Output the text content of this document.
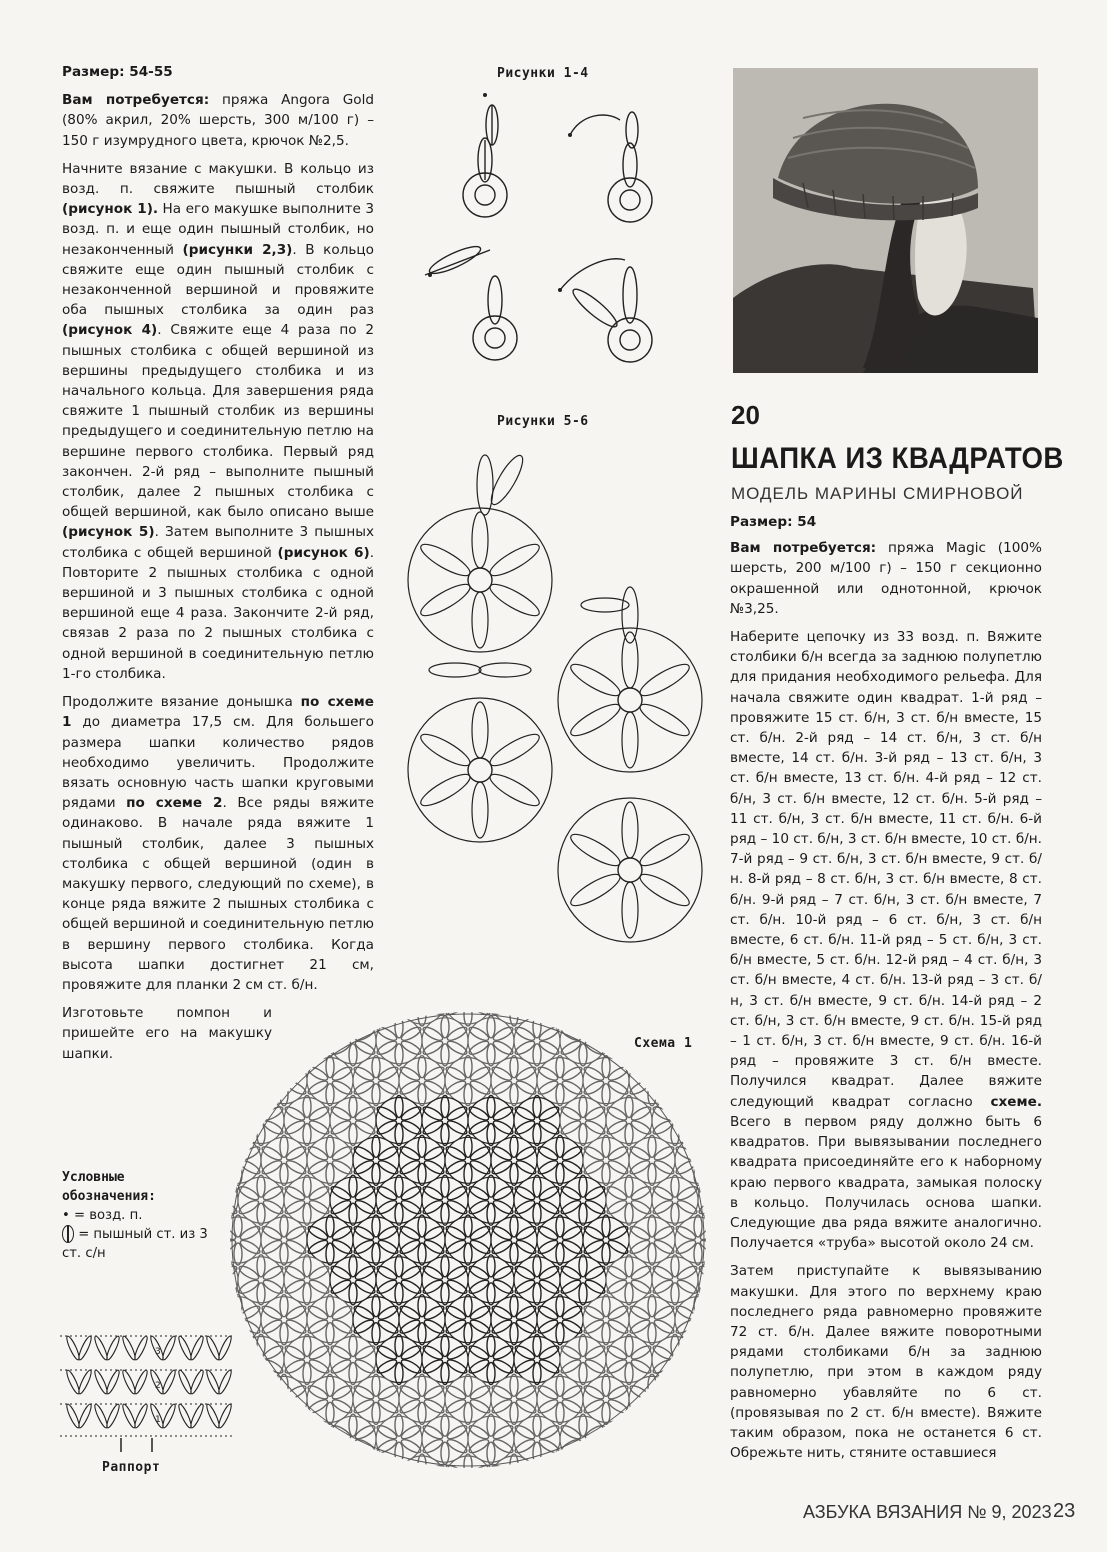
Размер: 54-55
Вам потребуется: пряжа Angora Gold (80% акрил, 20% шерсть, 300 м/100 г) – 150 г изумрудного цвета, крючок №2,5.
Начните вязание с макушки. В кольцо из возд. п. свяжите пышный столбик (рисунок 1). На его макушке выполните 3 возд. п. и еще один пышный столбик, но незаконченный (рисунки 2,3). В кольцо свяжите еще один пышный столбик с незаконченной вершиной и провяжите оба пышных столбика за один раз (рисунок 4). Свяжите еще 4 раза по 2 пышных столбика с общей вершиной из вершины предыдущего столбика и из начального кольца. Для завершения ряда свяжите 1 пышный столбик из вершины предыдущего и соединительную петлю на вершине первого столбика. Первый ряд закончен. 2-й ряд – выполните пышный столбик, далее 2 пышных столбика с общей вершиной, как было описано выше (рисунок 5). Затем выполните 3 пышных столбика с общей вершиной (рисунок 6). Повторите 2 пышных столбика с одной вершиной и 3 пышных столбика с одной вершиной еще 4 раза. Закончите 2-й ряд, связав 2 раза по 2 пышных столбика с одной вершиной в соединительную петлю 1-го столбика.
Продолжите вязание донышка по схеме 1 до диаметра 17,5 см. Для большего размера шапки количество рядов необходимо увеличить. Продолжите вязать основную часть шапки круговыми рядами по схеме 2. Все ряды вяжите одинаково. В начале ряда вяжите 1 пышный столбик, далее 3 пышных столбика с общей вершиной (один в макушку первого, следующий по схеме), в конце ряда вяжите 2 пышных столбика с общей вершиной и соединительную петлю в вершину первого столбика. Когда высота шапки достигнет 21 см, провяжите для планки 2 см ст. б/н.
Изготовьте помпон и пришейте его на макушку шапки.
Рисунки 1-4
Рисунки 5-6
Схема 1
20
ШАПКА ИЗ КВАДРАТОВ
МОДЕЛЬ МАРИНЫ СМИРНОВОЙ
Размер: 54
Вам потребуется: пряжа Magic (100% шерсть, 200 м/100 г) – 150 г секционно окрашенной или однотонной, крючок №3,25.
Наберите цепочку из 33 возд. п. Вяжите столбики б/н всегда за заднюю полупетлю для придания необходимого рельефа. Для начала свяжите один квадрат. 1-й ряд – провяжите 15 ст. б/н, 3 ст. б/н вместе, 15 ст. б/н. 2-й ряд – 14 ст. б/н, 3 ст. б/н вместе, 14 ст. б/н. 3-й ряд – 13 ст. б/н, 3 ст. б/н вместе, 13 ст. б/н. 4-й ряд – 12 ст. б/н, 3 ст. б/н вместе, 12 ст. б/н. 5-й ряд – 11 ст. б/н, 3 ст. б/н вместе, 11 ст. б/н. 6-й ряд – 10 ст. б/н, 3 ст. б/н вместе, 10 ст. б/н. 7-й ряд – 9 ст. б/н, 3 ст. б/н вместе, 9 ст. б/н. 8-й ряд – 8 ст. б/н, 3 ст. б/н вместе, 8 ст. б/н. 9-й ряд – 7 ст. б/н, 3 ст. б/н вместе, 7 ст. б/н. 10-й ряд – 6 ст. б/н, 3 ст. б/н вместе, 6 ст. б/н. 11-й ряд – 5 ст. б/н, 3 ст. б/н вместе, 5 ст. б/н. 12-й ряд – 4 ст. б/н, 3 ст. б/н вместе, 4 ст. б/н. 13-й ряд – 3 ст. б/н, 3 ст. б/н вместе, 9 ст. б/н. 14-й ряд – 2 ст. б/н, 3 ст. б/н вместе, 9 ст. б/н. 15-й ряд – 1 ст. б/н, 3 ст. б/н вместе, 9 ст. б/н. 16-й ряд – провяжите 3 ст. б/н вместе. Получился квадрат. Далее вяжите следующий квадрат согласно схеме. Всего в первом ряду должно быть 6 квадратов. При вывязывании последнего квадрата присоединяйте его к наборному краю первого квадрата, замыкая полоску в кольцо. Получилась основа шапки. Следующие два ряда вяжите аналогично. Получается «труба» высотой около 24 см.
Затем приступайте к вывязыванию макушки. Для этого по верхнему краю последнего ряда равномерно провяжите 72 ст. б/н. Далее вяжите поворотными рядами столбиками б/н за заднюю полупетлю, при этом в каждом ряду равномерно убавляйте по 6 ст. (провязывая по 2 ст. б/н вместе). Вяжите таким образом, пока не останется 6 ст. Обрежьте нить, стяните оставшиеся
Условные обозначения:
• = возд. п.
= пышный ст. из 3 ст. с/н
3
2
1
Раппорт
АЗБУКА ВЯЗАНИЯ № 9, 2023 23
